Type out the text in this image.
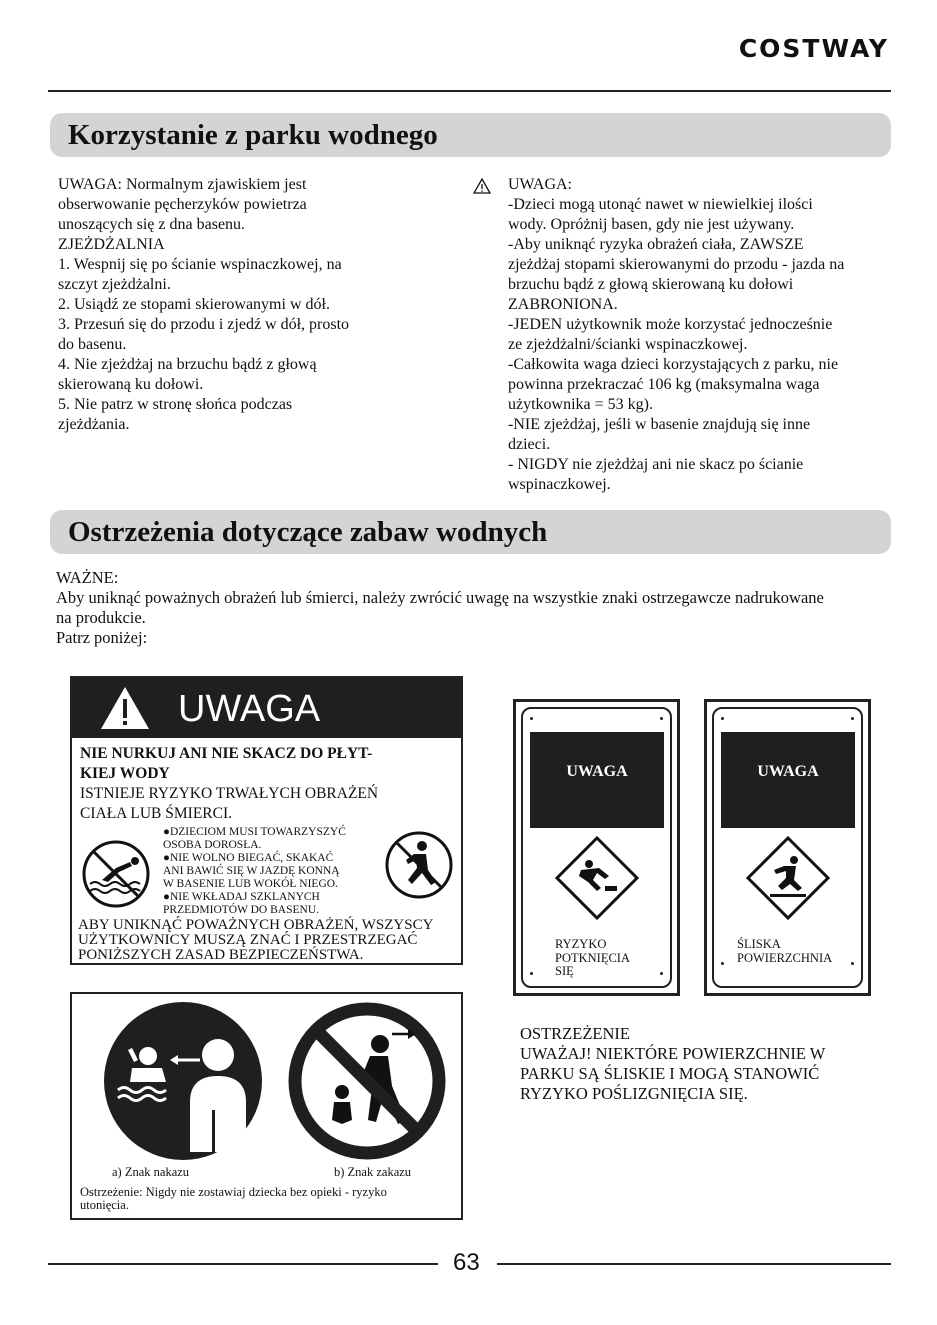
COSTWAY
Korzystanie z parku wodnego
UWAGA: Normalnym zjawiskiem jest
obserwowanie pęcherzyków powietrza
unoszących się z dna basenu.
ZJEŻDŻALNIA
1. Wespnij się po ścianie wspinaczkowej, na
szczyt zjeżdżalni.
2. Usiądź ze stopami skierowanymi w dół.
3. Przesuń się do przodu i zjedź w dół, prosto
do basenu.
4. Nie zjeżdżaj na brzuchu bądź z głową
skierowaną ku dołowi.
5. Nie patrz w stronę słońca podczas
zjeżdżania.
UWAGA:
-Dzieci mogą utonąć nawet w niewielkiej ilości
wody. Opróżnij basen, gdy nie jest używany.
-Aby uniknąć ryzyka obrażeń ciała, ZAWSZE
zjeżdżaj stopami skierowanymi do przodu - jazda na
brzuchu bądź z głową skierowaną ku dołowi
ZABRONIONA.
-JEDEN użytkownik może korzystać jednocześnie
ze zjeżdżalni/ścianki wspinaczkowej.
-Całkowita waga dzieci korzystających z parku, nie
powinna przekraczać 106 kg (maksymalna waga
użytkownika = 53 kg).
-NIE zjeżdżaj, jeśli w basenie znajdują się inne
dzieci.
- NIGDY nie zjeżdżaj ani nie skacz po ścianie
wspinaczkowej.
Ostrzeżenia dotyczące zabaw wodnych
WAŻNE:
Aby uniknąć poważnych obrażeń lub śmierci, należy zwrócić uwagę na wszystkie znaki ostrzegawcze nadrukowane
na produkcie.
Patrz poniżej:
UWAGA
NIE NURKUJ ANI NIE SKACZ DO PŁYT-
KIEJ WODY
ISTNIEJE RYZYKO TRWAŁYCH OBRAŻEŃ
CIAŁA LUB ŚMIERCI.
●DZIECIOM MUSI TOWARZYSZYĆ
OSOBA DOROSŁA.
●NIE WOLNO BIEGAĆ, SKAKAĆ
ANI BAWIĆ SIĘ W JAZDĘ KONNĄ
W BASENIE LUB WOKÓŁ NIEGO.
●NIE WKŁADAJ SZKLANYCH
PRZEDMIOTÓW DO BASENU.
ABY UNIKNĄĆ POWAŻNYCH OBRAŻEŃ, WSZYSCY
UŻYTKOWNICY MUSZĄ ZNAĆ I PRZESTRZEGAĆ
PONIŻSZYCH ZASAD BEZPIECZEŃSTWA.
UWAGA
RYZYKO
POTKNIĘCIA
SIĘ
UWAGA
ŚLISKA
POWIERZCHNIA
OSTRZEŻENIE
UWAŻAJ! NIEKTÓRE POWIERZCHNIE W
PARKU SĄ ŚLISKIE I MOGĄ STANOWIĆ
RYZYKO POŚLIZGNIĘCIA SIĘ.
a) Znak nakazu	b) Znak zakazu
Ostrzeżenie: Nigdy nie zostawiaj dziecka bez opieki - ryzyko
utonięcia.
63
